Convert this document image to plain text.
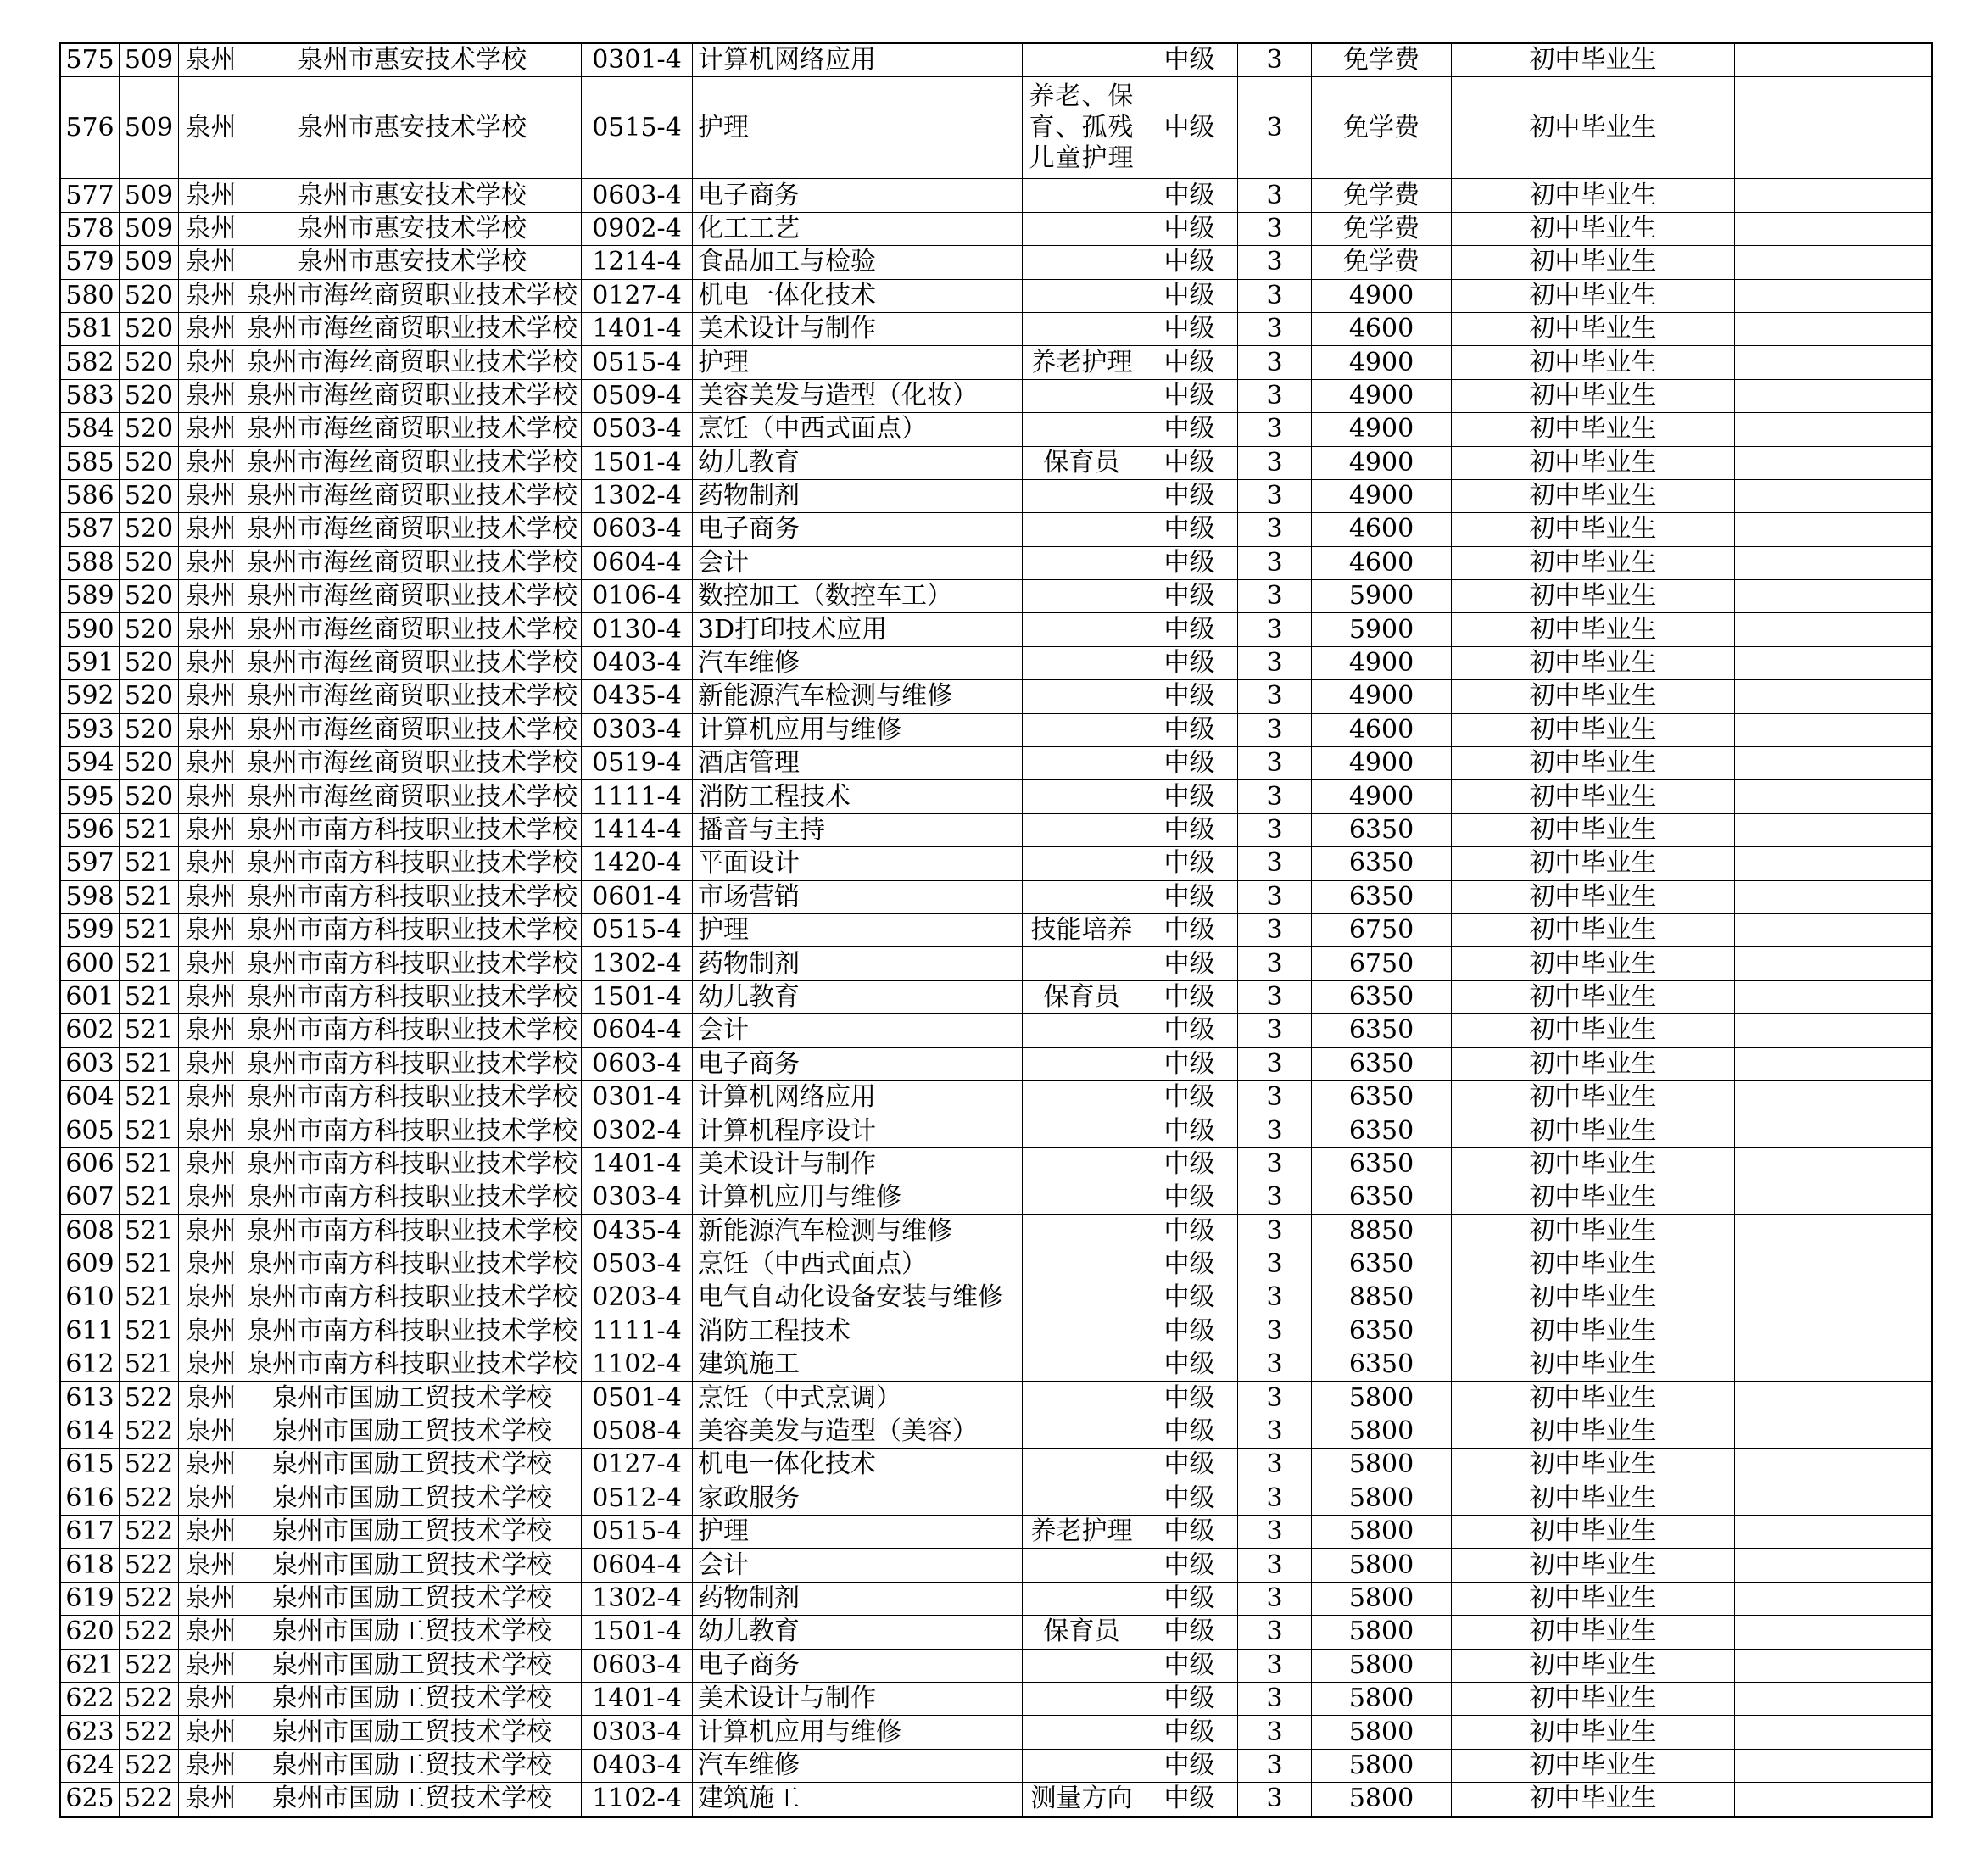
575	509	泉州	泉州市惠安技术学校	0301-4	计算机网络应用		中级	3	免学费	初中毕业生	
576	509	泉州	泉州市惠安技术学校	0515-4	护理	养老、保育、孤残儿童护理	中级	3	免学费	初中毕业生	
577	509	泉州	泉州市惠安技术学校	0603-4	电子商务		中级	3	免学费	初中毕业生	
578	509	泉州	泉州市惠安技术学校	0902-4	化工工艺		中级	3	免学费	初中毕业生	
579	509	泉州	泉州市惠安技术学校	1214-4	食品加工与检验		中级	3	免学费	初中毕业生	
580	520	泉州	泉州市海丝商贸职业技术学校	0127-4	机电一体化技术		中级	3	4900	初中毕业生	
581	520	泉州	泉州市海丝商贸职业技术学校	1401-4	美术设计与制作		中级	3	4600	初中毕业生	
582	520	泉州	泉州市海丝商贸职业技术学校	0515-4	护理	养老护理	中级	3	4900	初中毕业生	
583	520	泉州	泉州市海丝商贸职业技术学校	0509-4	美容美发与造型（化妆）		中级	3	4900	初中毕业生	
584	520	泉州	泉州市海丝商贸职业技术学校	0503-4	烹饪（中西式面点）		中级	3	4900	初中毕业生	
585	520	泉州	泉州市海丝商贸职业技术学校	1501-4	幼儿教育	保育员	中级	3	4900	初中毕业生	
586	520	泉州	泉州市海丝商贸职业技术学校	1302-4	药物制剂		中级	3	4900	初中毕业生	
587	520	泉州	泉州市海丝商贸职业技术学校	0603-4	电子商务		中级	3	4600	初中毕业生	
588	520	泉州	泉州市海丝商贸职业技术学校	0604-4	会计		中级	3	4600	初中毕业生	
589	520	泉州	泉州市海丝商贸职业技术学校	0106-4	数控加工（数控车工）		中级	3	5900	初中毕业生	
590	520	泉州	泉州市海丝商贸职业技术学校	0130-4	3D打印技术应用		中级	3	5900	初中毕业生	
591	520	泉州	泉州市海丝商贸职业技术学校	0403-4	汽车维修		中级	3	4900	初中毕业生	
592	520	泉州	泉州市海丝商贸职业技术学校	0435-4	新能源汽车检测与维修		中级	3	4900	初中毕业生	
593	520	泉州	泉州市海丝商贸职业技术学校	0303-4	计算机应用与维修		中级	3	4600	初中毕业生	
594	520	泉州	泉州市海丝商贸职业技术学校	0519-4	酒店管理		中级	3	4900	初中毕业生	
595	520	泉州	泉州市海丝商贸职业技术学校	1111-4	消防工程技术		中级	3	4900	初中毕业生	
596	521	泉州	泉州市南方科技职业技术学校	1414-4	播音与主持		中级	3	6350	初中毕业生	
597	521	泉州	泉州市南方科技职业技术学校	1420-4	平面设计		中级	3	6350	初中毕业生	
598	521	泉州	泉州市南方科技职业技术学校	0601-4	市场营销		中级	3	6350	初中毕业生	
599	521	泉州	泉州市南方科技职业技术学校	0515-4	护理	技能培养	中级	3	6750	初中毕业生	
600	521	泉州	泉州市南方科技职业技术学校	1302-4	药物制剂		中级	3	6750	初中毕业生	
601	521	泉州	泉州市南方科技职业技术学校	1501-4	幼儿教育	保育员	中级	3	6350	初中毕业生	
602	521	泉州	泉州市南方科技职业技术学校	0604-4	会计		中级	3	6350	初中毕业生	
603	521	泉州	泉州市南方科技职业技术学校	0603-4	电子商务		中级	3	6350	初中毕业生	
604	521	泉州	泉州市南方科技职业技术学校	0301-4	计算机网络应用		中级	3	6350	初中毕业生	
605	521	泉州	泉州市南方科技职业技术学校	0302-4	计算机程序设计		中级	3	6350	初中毕业生	
606	521	泉州	泉州市南方科技职业技术学校	1401-4	美术设计与制作		中级	3	6350	初中毕业生	
607	521	泉州	泉州市南方科技职业技术学校	0303-4	计算机应用与维修		中级	3	6350	初中毕业生	
608	521	泉州	泉州市南方科技职业技术学校	0435-4	新能源汽车检测与维修		中级	3	8850	初中毕业生	
609	521	泉州	泉州市南方科技职业技术学校	0503-4	烹饪（中西式面点）		中级	3	6350	初中毕业生	
610	521	泉州	泉州市南方科技职业技术学校	0203-4	电气自动化设备安装与维修		中级	3	8850	初中毕业生	
611	521	泉州	泉州市南方科技职业技术学校	1111-4	消防工程技术		中级	3	6350	初中毕业生	
612	521	泉州	泉州市南方科技职业技术学校	1102-4	建筑施工		中级	3	6350	初中毕业生	
613	522	泉州	泉州市国励工贸技术学校	0501-4	烹饪（中式烹调）		中级	3	5800	初中毕业生	
614	522	泉州	泉州市国励工贸技术学校	0508-4	美容美发与造型（美容）		中级	3	5800	初中毕业生	
615	522	泉州	泉州市国励工贸技术学校	0127-4	机电一体化技术		中级	3	5800	初中毕业生	
616	522	泉州	泉州市国励工贸技术学校	0512-4	家政服务		中级	3	5800	初中毕业生	
617	522	泉州	泉州市国励工贸技术学校	0515-4	护理	养老护理	中级	3	5800	初中毕业生	
618	522	泉州	泉州市国励工贸技术学校	0604-4	会计		中级	3	5800	初中毕业生	
619	522	泉州	泉州市国励工贸技术学校	1302-4	药物制剂		中级	3	5800	初中毕业生	
620	522	泉州	泉州市国励工贸技术学校	1501-4	幼儿教育	保育员	中级	3	5800	初中毕业生	
621	522	泉州	泉州市国励工贸技术学校	0603-4	电子商务		中级	3	5800	初中毕业生	
622	522	泉州	泉州市国励工贸技术学校	1401-4	美术设计与制作		中级	3	5800	初中毕业生	
623	522	泉州	泉州市国励工贸技术学校	0303-4	计算机应用与维修		中级	3	5800	初中毕业生	
624	522	泉州	泉州市国励工贸技术学校	0403-4	汽车维修		中级	3	5800	初中毕业生	
625	522	泉州	泉州市国励工贸技术学校	1102-4	建筑施工	测量方向	中级	3	5800	初中毕业生	
